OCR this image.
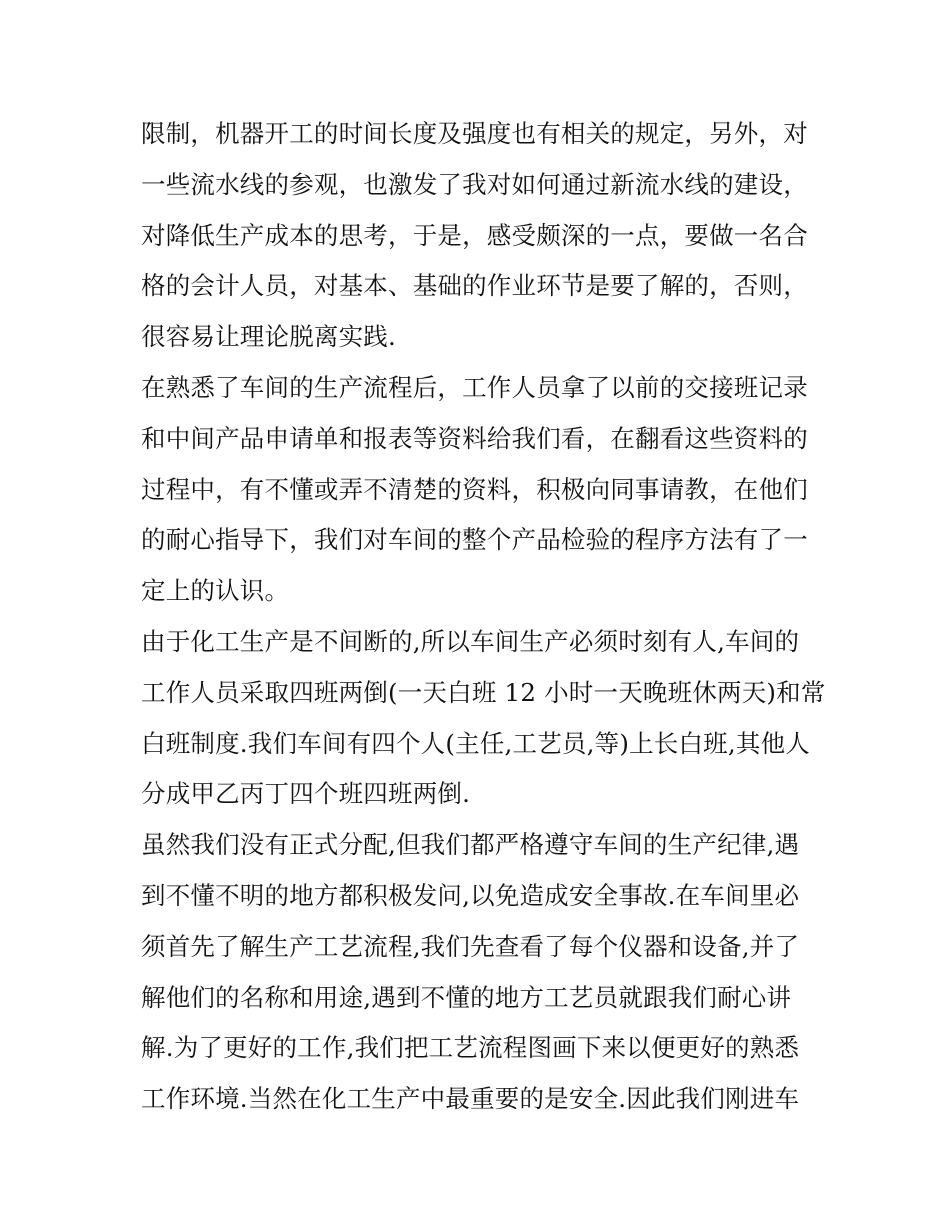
限制，机器开工的时间长度及强度也有相关的规定，另外，对
一些流水线的参观，也激发了我对如何通过新流水线的建设，
对降低生产成本的思考，于是，感受颇深的一点，要做一名合
格的会计人员，对基本、基础的作业环节是要了解的，否则，
很容易让理论脱离实践.
在熟悉了车间的生产流程后，工作人员拿了以前的交接班记录
和中间产品申请单和报表等资料给我们看，在翻看这些资料的
过程中，有不懂或弄不清楚的资料，积极向同事请教，在他们
的耐心指导下，我们对车间的整个产品检验的程序方法有了一
定上的认识。
由于化工生产是不间断的,所以车间生产必须时刻有人,车间的
工作人员采取四班两倒(一天白班 12 小时一天晚班休两天)和常
白班制度.我们车间有四个人(主任,工艺员,等)上长白班,其他人
分成甲乙丙丁四个班四班两倒.
虽然我们没有正式分配,但我们都严格遵守车间的生产纪律,遇
到不懂不明的地方都积极发问,以免造成安全事故.在车间里必
须首先了解生产工艺流程,我们先查看了每个仪器和设备,并了
解他们的名称和用途,遇到不懂的地方工艺员就跟我们耐心讲
解.为了更好的工作,我们把工艺流程图画下来以便更好的熟悉
工作环境.当然在化工生产中最重要的是安全.因此我们刚进车
